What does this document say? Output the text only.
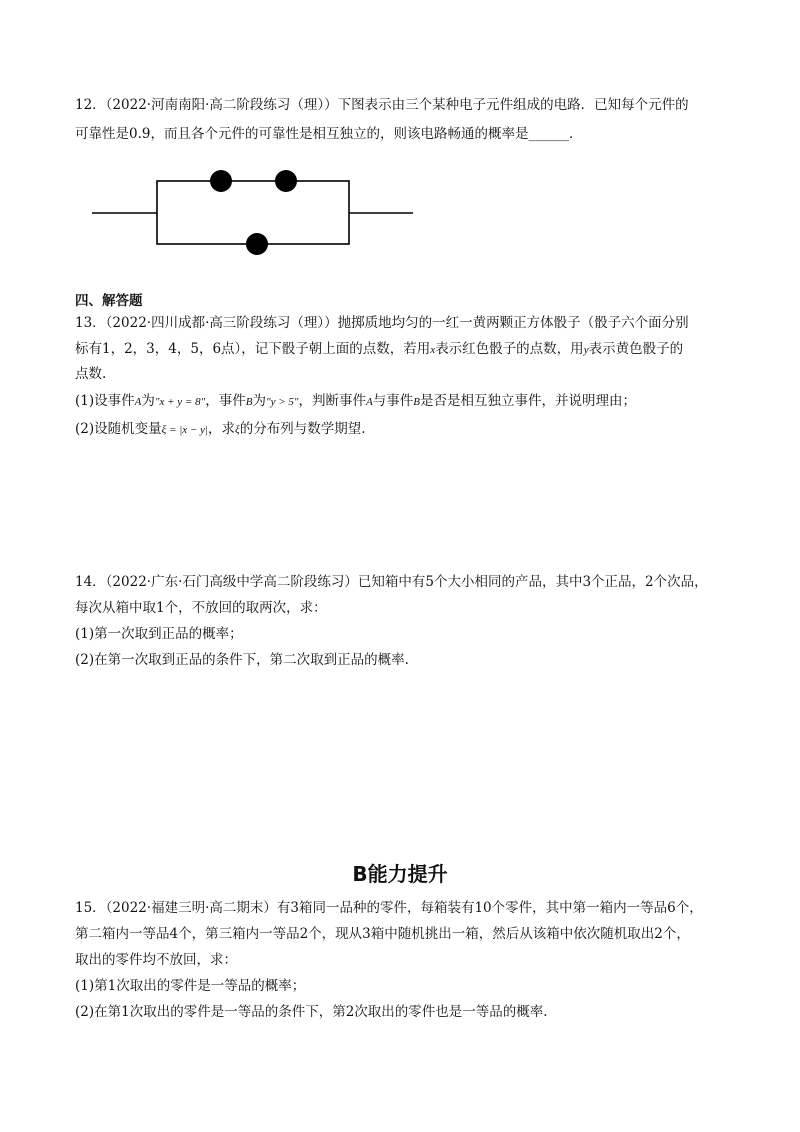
12．（2022·河南南阳·高二阶段练习（理））下图表示由三个某种电子元件组成的电路．已知每个元件的
可靠性是0.9，而且各个元件的可靠性是相互独立的，则该电路畅通的概率是______．
四、解答题
13．（2022·四川成都·高三阶段练习（理））抛掷质地均匀的一红一黄两颗正方体骰子（骰子六个面分别
标有1，2，3，4，5，6点），记下骰子朝上面的点数，若用x表示红色骰子的点数，用y表示黄色骰子的
点数.
(1)设事件A为"x + y = 8"，事件B为"y > 5"，判断事件A与事件B是否是相互独立事件，并说明理由；
(2)设随机变量ξ = |x − y|，求ξ的分布列与数学期望.
14．（2022·广东·石门高级中学高二阶段练习）已知箱中有5个大小相同的产品，其中3个正品，2个次品，
每次从箱中取1个，不放回的取两次，求：
(1)第一次取到正品的概率；
(2)在第一次取到正品的条件下，第二次取到正品的概率.
B能力提升
15．（2022·福建三明·高二期末）有3箱同一品种的零件，每箱装有10个零件，其中第一箱内一等品6个，
第二箱内一等品4个，第三箱内一等品2个，现从3箱中随机挑出一箱，然后从该箱中依次随机取出2个，
取出的零件均不放回，求：
(1)第1次取出的零件是一等品的概率；
(2)在第1次取出的零件是一等品的条件下，第2次取出的零件也是一等品的概率.
